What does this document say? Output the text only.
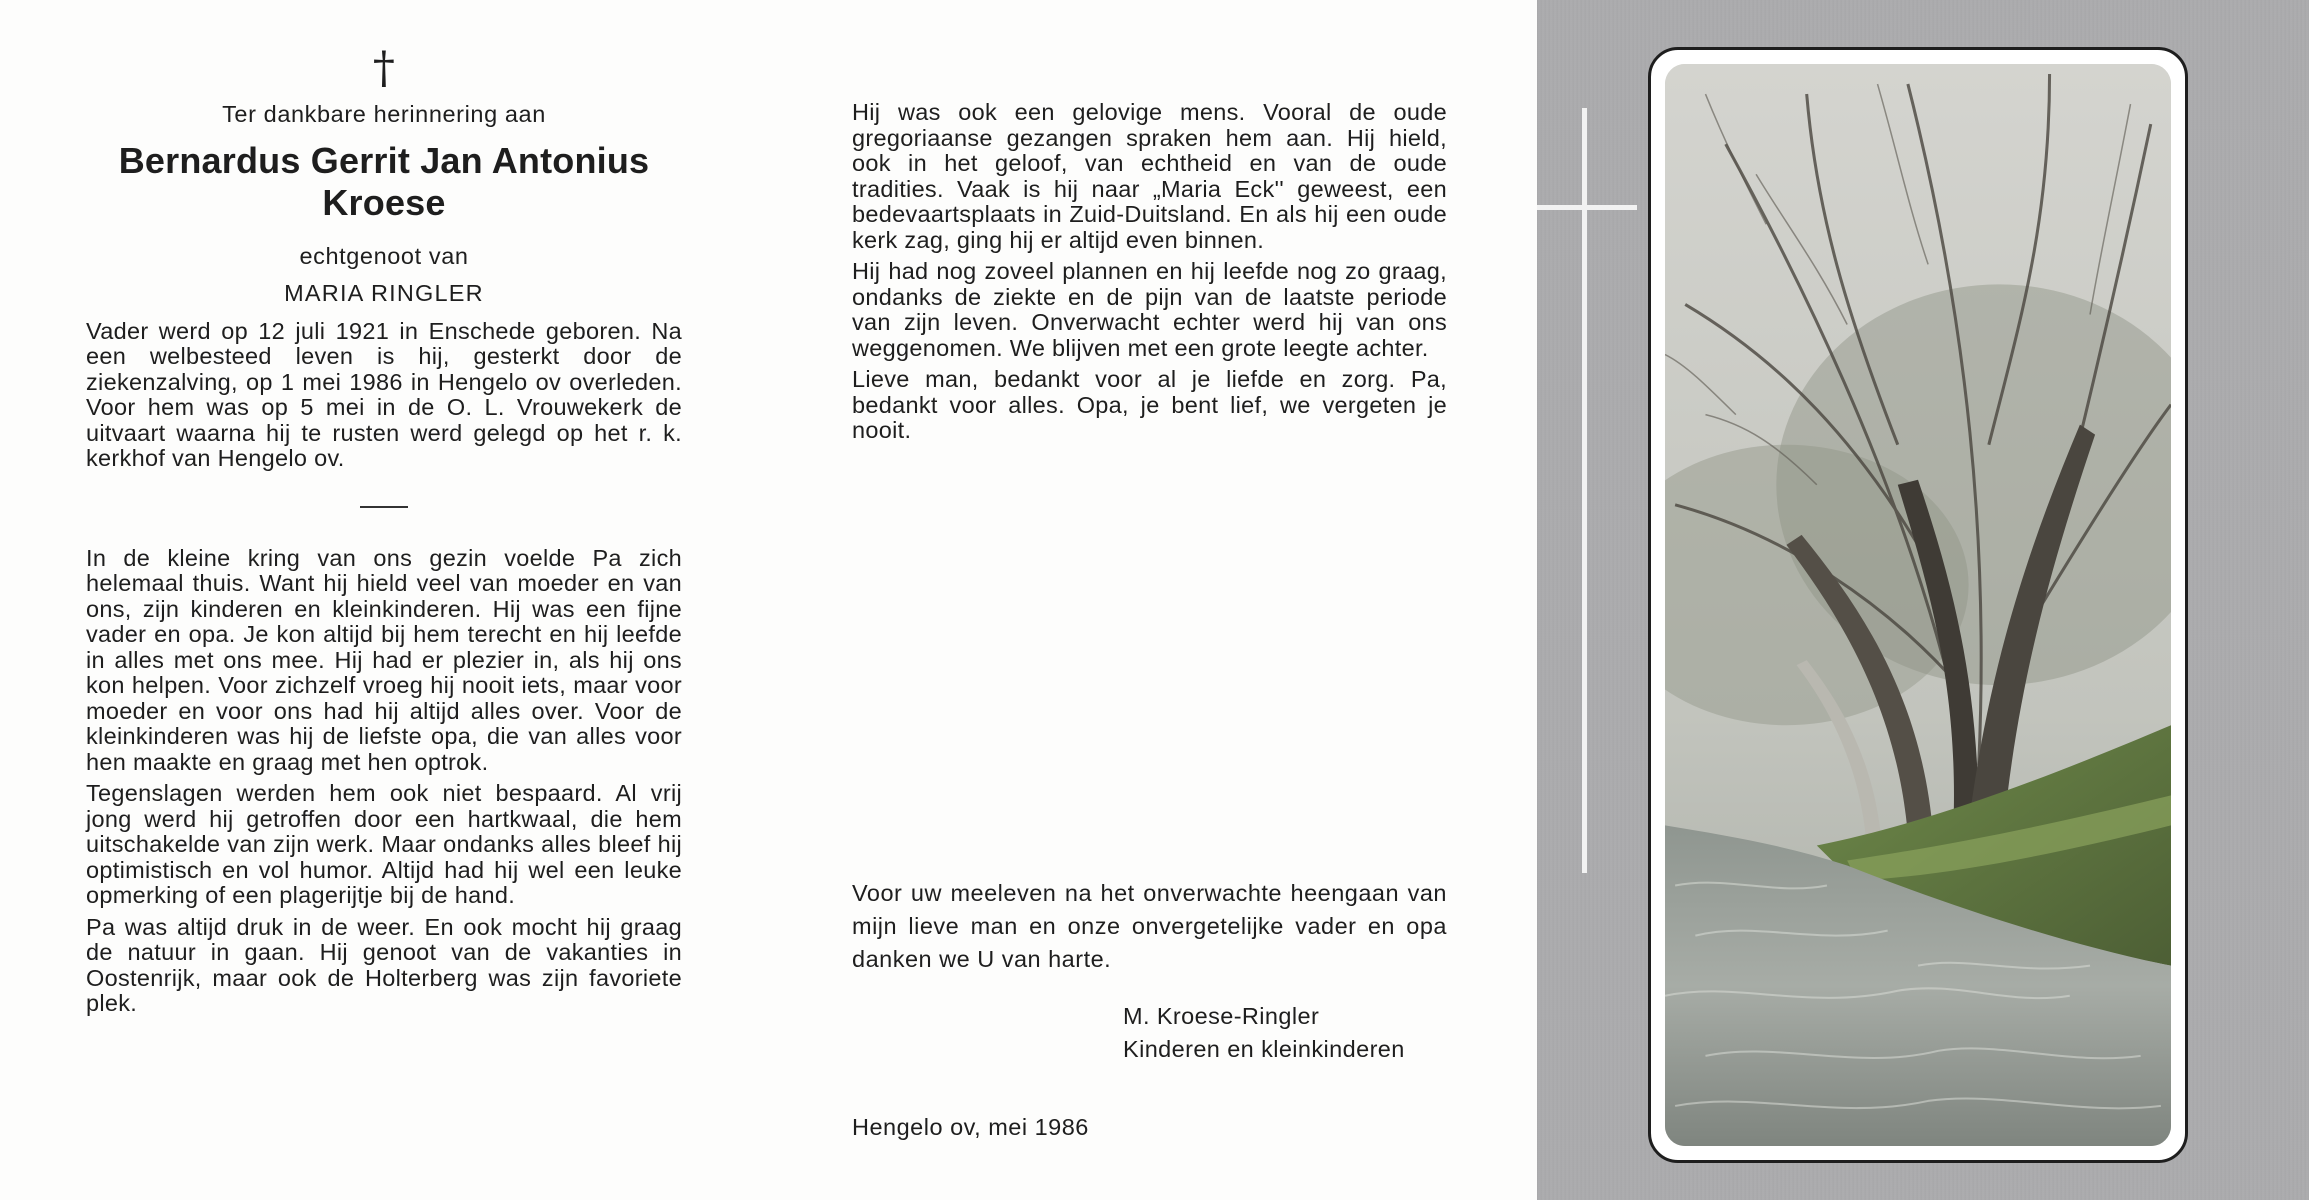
†
Ter dankbare herinnering aan
Bernardus Gerrit Jan Antonius
Kroese
echtgenoot van
MARIA RINGLER

Vader werd op 12 juli 1921 in Enschede geboren. Na een welbesteed leven is hij, gesterkt door de ziekenzalving, op 1 mei 1986 in Hengelo ov overleden. Voor hem was op 5 mei in de O. L. Vrouwekerk de uitvaart waarna hij te rusten werd gelegd op het r. k. kerkhof van Hengelo ov.

In de kleine kring van ons gezin voelde Pa zich helemaal thuis. Want hij hield veel van moeder en van ons, zijn kinderen en kleinkinderen. Hij was een fijne vader en opa. Je kon altijd bij hem terecht en hij leefde in alles met ons mee. Hij had er plezier in, als hij ons kon helpen. Voor zichzelf vroeg hij nooit iets, maar voor moeder en voor ons had hij altijd alles over. Voor de kleinkinderen was hij de liefste opa, die van alles voor hen maakte en graag met hen optrok.

Tegenslagen werden hem ook niet bespaard. Al vrij jong werd hij getroffen door een hartkwaal, die hem uitschakelde van zijn werk. Maar ondanks alles bleef hij optimistisch en vol humor. Altijd had hij wel een leuke opmerking of een plagerijtje bij de hand.

Pa was altijd druk in de weer. En ook mocht hij graag de natuur in gaan. Hij genoot van de vakanties in Oostenrijk, maar ook de Holterberg was zijn favoriete plek.

Hij was ook een gelovige mens. Vooral de oude gregoriaanse gezangen spraken hem aan. Hij hield, ook in het geloof, van echtheid en van de oude tradities. Vaak is hij naar „Maria Eck'' geweest, een bedevaartsplaats in Zuid-Duitsland. En als hij een oude kerk zag, ging hij er altijd even binnen.

Hij had nog zoveel plannen en hij leefde nog zo graag, ondanks de ziekte en de pijn van de laatste periode van zijn leven. Onverwacht echter werd hij van ons weggenomen. We blijven met een grote leegte achter.

Lieve man, bedankt voor al je liefde en zorg. Pa, bedankt voor alles. Opa, je bent lief, we vergeten je nooit.

Voor uw meeleven na het onverwachte heengaan van mijn lieve man en onze onvergetelijke vader en opa danken we U van harte.

M. Kroese-Ringler
Kinderen en kleinkinderen
Hengelo ov, mei 1986
